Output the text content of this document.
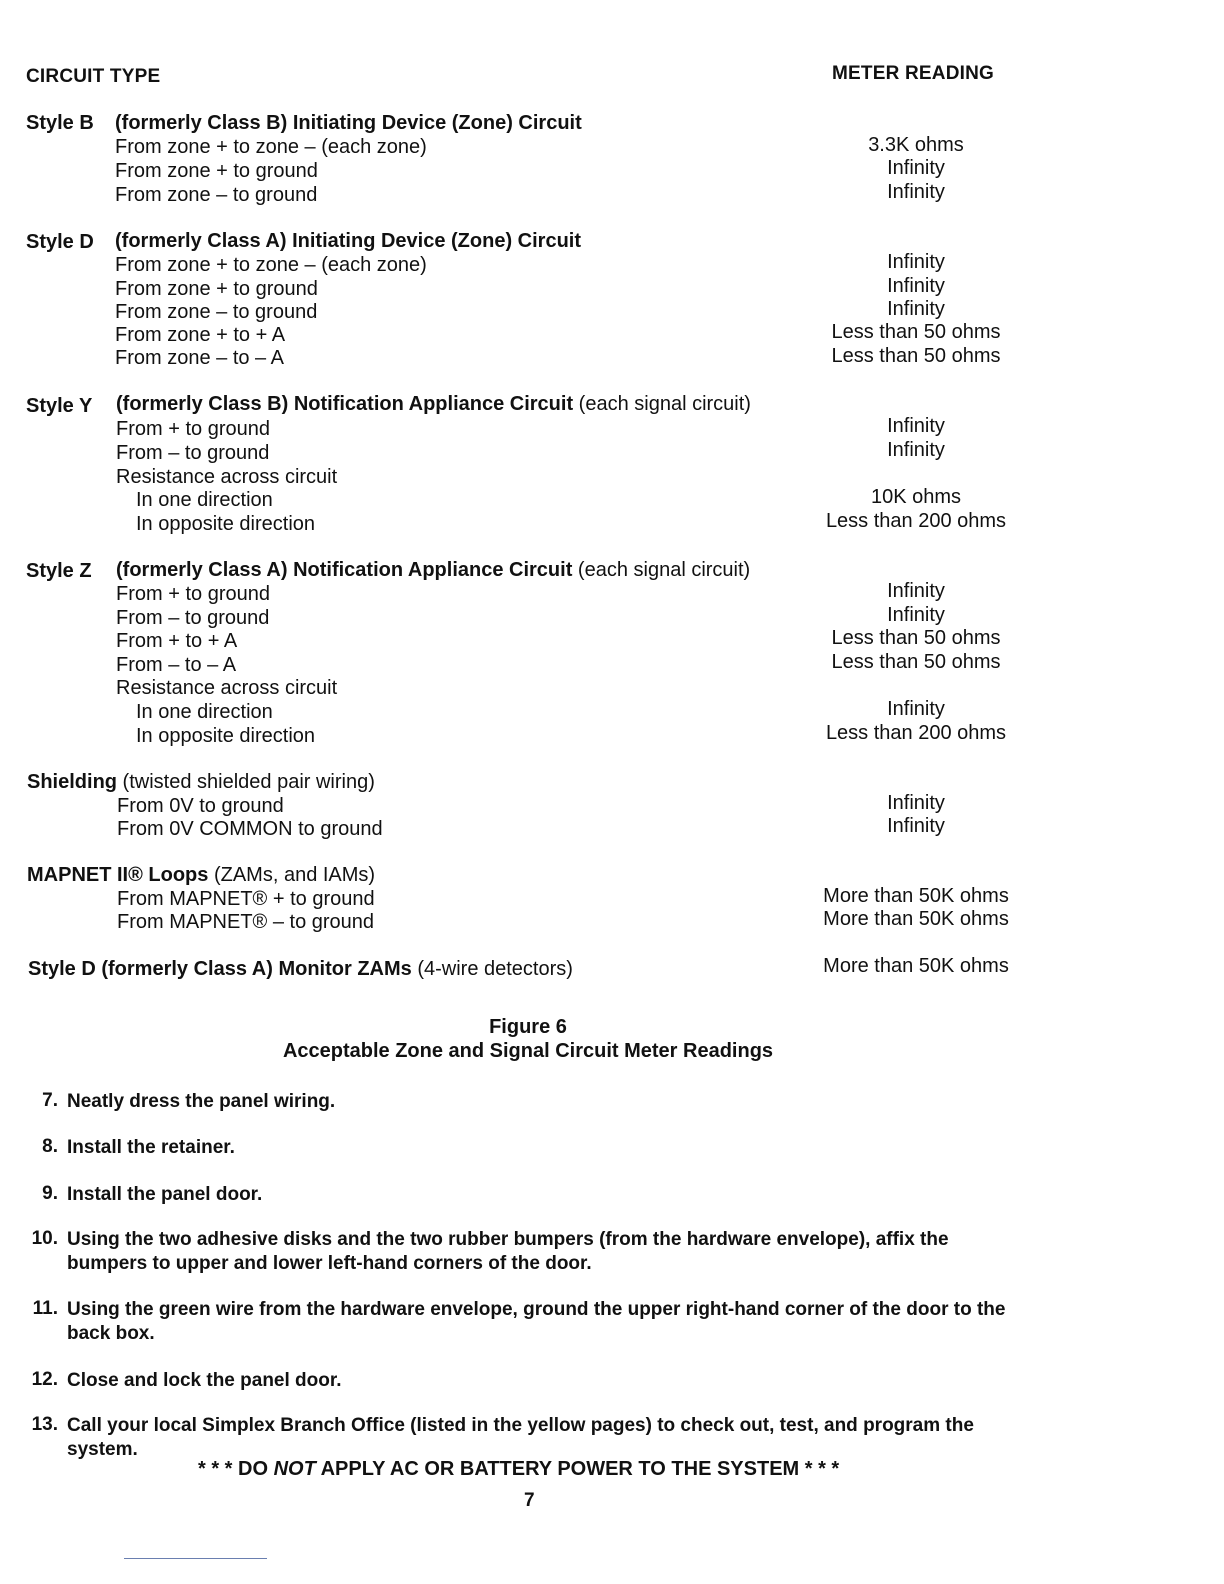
CIRCUIT TYPE	METER READING
Style B (formerly Class B) Initiating Device (Zone) Circuit
From zone + to zone – (each zone)	3.3K ohms
From zone + to ground	Infinity
From zone – to ground	Infinity
Style D (formerly Class A) Initiating Device (Zone) Circuit
From zone + to zone – (each zone)	Infinity
From zone + to ground	Infinity
From zone – to ground	Infinity
From zone + to + A	Less than 50 ohms
From zone – to – A	Less than 50 ohms
Style Y (formerly Class B) Notification Appliance Circuit (each signal circuit)
From + to ground	Infinity
From – to ground	Infinity
Resistance across circuit
In one direction	10K ohms
In opposite direction	Less than 200 ohms
Style Z (formerly Class A) Notification Appliance Circuit (each signal circuit)
From + to ground	Infinity
From – to ground	Infinity
From + to + A	Less than 50 ohms
From – to – A	Less than 50 ohms
Resistance across circuit
In one direction	Infinity
In opposite direction	Less than 200 ohms
Shielding (twisted shielded pair wiring)
From 0V to ground	Infinity
From 0V COMMON to ground	Infinity
MAPNET II® Loops (ZAMs, and IAMs)
From MAPNET® + to ground	More than 50K ohms
From MAPNET® – to ground	More than 50K ohms
Style D (formerly Class A) Monitor ZAMs (4-wire detectors)	More than 50K ohms
Figure 6
Acceptable Zone and Signal Circuit Meter Readings
7. Neatly dress the panel wiring.
8. Install the retainer.
9. Install the panel door.
10. Using the two adhesive disks and the two rubber bumpers (from the hardware envelope), affix the bumpers to upper and lower left-hand corners of the door.
11. Using the green wire from the hardware envelope, ground the upper right-hand corner of the door to the back box.
12. Close and lock the panel door.
13. Call your local Simplex Branch Office (listed in the yellow pages) to check out, test, and program the system.
* * * DO NOT APPLY AC OR BATTERY POWER TO THE SYSTEM * * *
7
